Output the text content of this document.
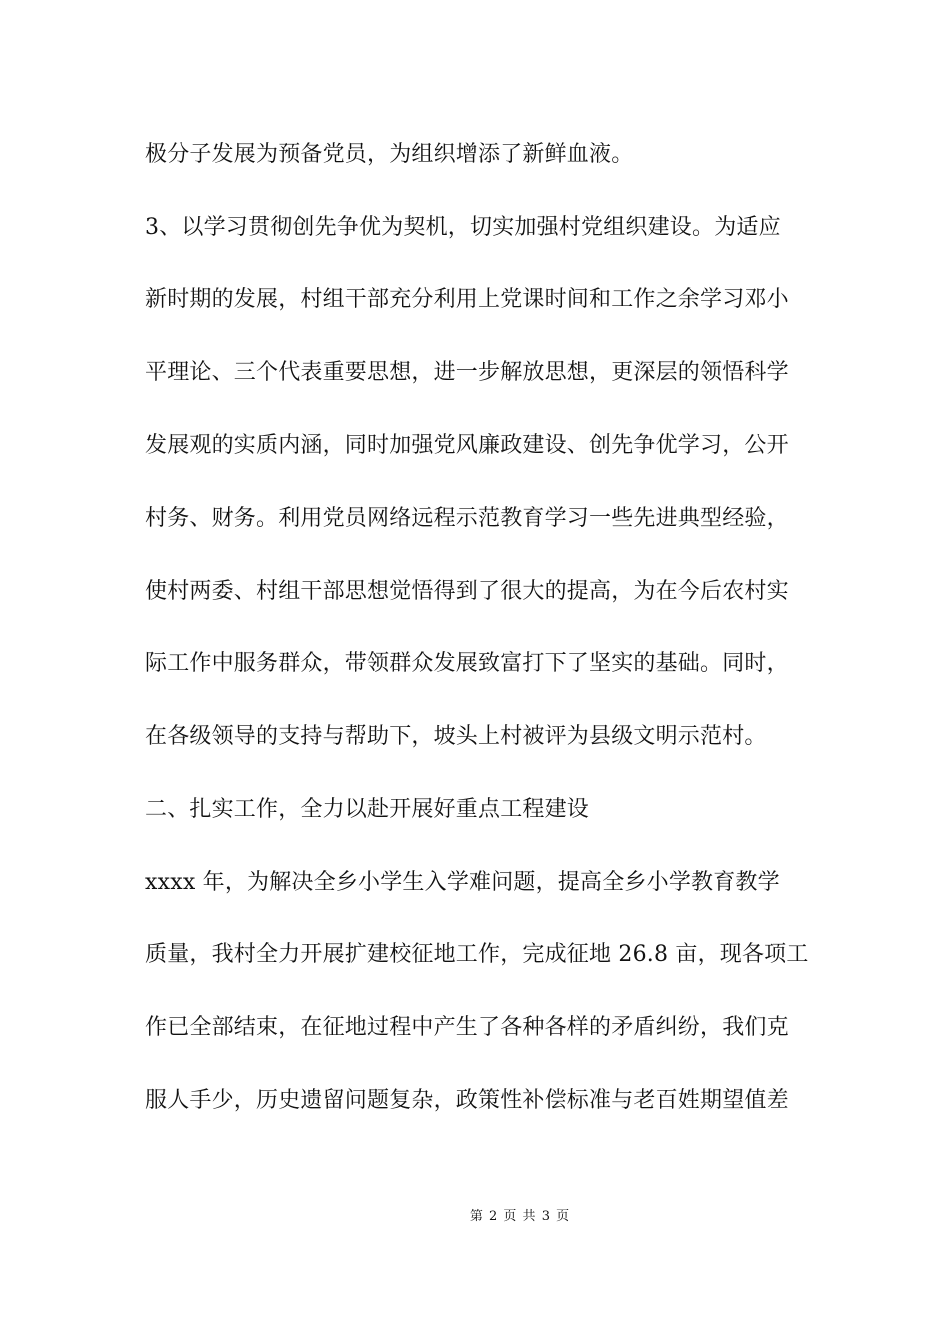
极分子发展为预备党员，为组织增添了新鲜血液。
3、以学习贯彻创先争优为契机，切实加强村党组织建设。为适应
新时期的发展，村组干部充分利用上党课时间和工作之余学习邓小
平理论、三个代表重要思想，进一步解放思想，更深层的领悟科学
发展观的实质内涵，同时加强党风廉政建设、创先争优学习，公开
村务、财务。利用党员网络远程示范教育学习一些先进典型经验，
使村两委、村组干部思想觉悟得到了很大的提高，为在今后农村实
际工作中服务群众，带领群众发展致富打下了坚实的基础。同时，
在各级领导的支持与帮助下，坡头上村被评为县级文明示范村。
二、扎实工作，全力以赴开展好重点工程建设
xxxx 年，为解决全乡小学生入学难问题，提高全乡小学教育教学
质量，我村全力开展扩建校征地工作，完成征地 26.8 亩，现各项工
作已全部结束，在征地过程中产生了各种各样的矛盾纠纷，我们克
服人手少，历史遗留问题复杂，政策性补偿标准与老百姓期望值差
第 2 页 共 3 页
